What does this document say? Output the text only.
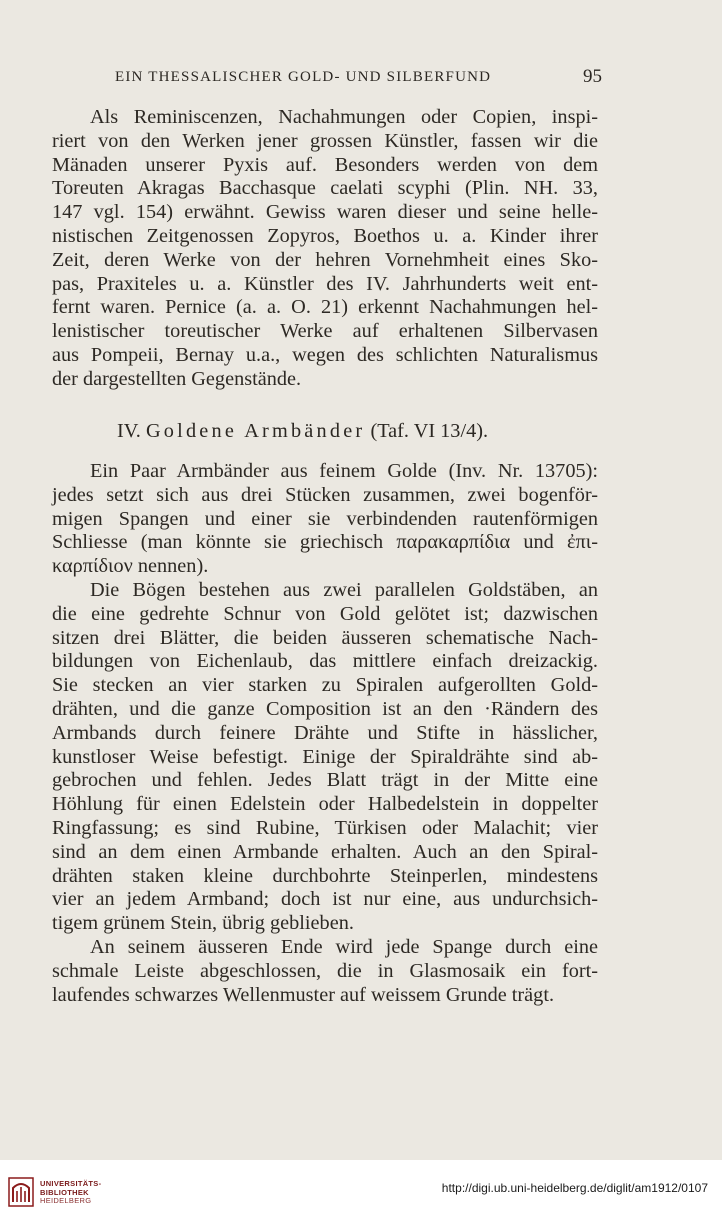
EIN THESSALISCHER GOLD- UND SILBERFUND	95
Als Reminiscenzen, Nachahmungen oder Copien, inspi-
riert von den Werken jener grossen Künstler, fassen wir die
Mänaden unserer Pyxis auf. Besonders werden von dem
Toreuten Akragas Bacchasque caelati scyphi (Plin. NH. 33,
147 vgl. 154) erwähnt. Gewiss waren dieser und seine helle-
nistischen Zeitgenossen Zopyros, Boethos u. a. Kinder ihrer
Zeit, deren Werke von der hehren Vornehmheit eines Sko-
pas, Praxiteles u. a. Künstler des IV. Jahrhunderts weit ent-
fernt waren. Pernice (a. a. O. 21) erkennt Nachahmungen hel-
lenistischer toreutischer Werke auf erhaltenen Silbervasen
aus Pompeii, Bernay u.a., wegen des schlichten Naturalismus
der dargestellten Gegenstände.
IV. Goldene Armbänder (Taf. VI 13/4).
Ein Paar Armbänder aus feinem Golde (Inv. Nr. 13705):
jedes setzt sich aus drei Stücken zusammen, zwei bogenför-
migen Spangen und einer sie verbindenden rautenförmigen
Schliesse (man könnte sie griechisch παρακαρπίδια und ἐπι-
καρπίδιον nennen).
Die Bögen bestehen aus zwei parallelen Goldstäben, an
die eine gedrehte Schnur von Gold gelötet ist; dazwischen
sitzen drei Blätter, die beiden äusseren schematische Nach-
bildungen von Eichenlaub, das mittlere einfach dreizackig.
Sie stecken an vier starken zu Spiralen aufgerollten Gold-
drähten, und die ganze Composition ist an den ·Rändern des
Armbands durch feinere Drähte und Stifte in hässlicher,
kunstloser Weise befestigt. Einige der Spiraldrähte sind ab-
gebrochen und fehlen. Jedes Blatt trägt in der Mitte eine
Höhlung für einen Edelstein oder Halbedelstein in doppelter
Ringfassung; es sind Rubine, Türkisen oder Malachit; vier
sind an dem einen Armbande erhalten. Auch an den Spiral-
drähten staken kleine durchbohrte Steinperlen, mindestens
vier an jedem Armband; doch ist nur eine, aus undurchsich-
tigem grünem Stein, übrig geblieben.
An seinem äusseren Ende wird jede Spange durch eine
schmale Leiste abgeschlossen, die in Glasmosaik ein fort-
laufendes schwarzes Wellenmuster auf weissem Grunde trägt.
UNIVERSITÄTS-
BIBLIOTHEK
HEIDELBERG
http://digi.ub.uni-heidelberg.de/diglit/am1912/0107
